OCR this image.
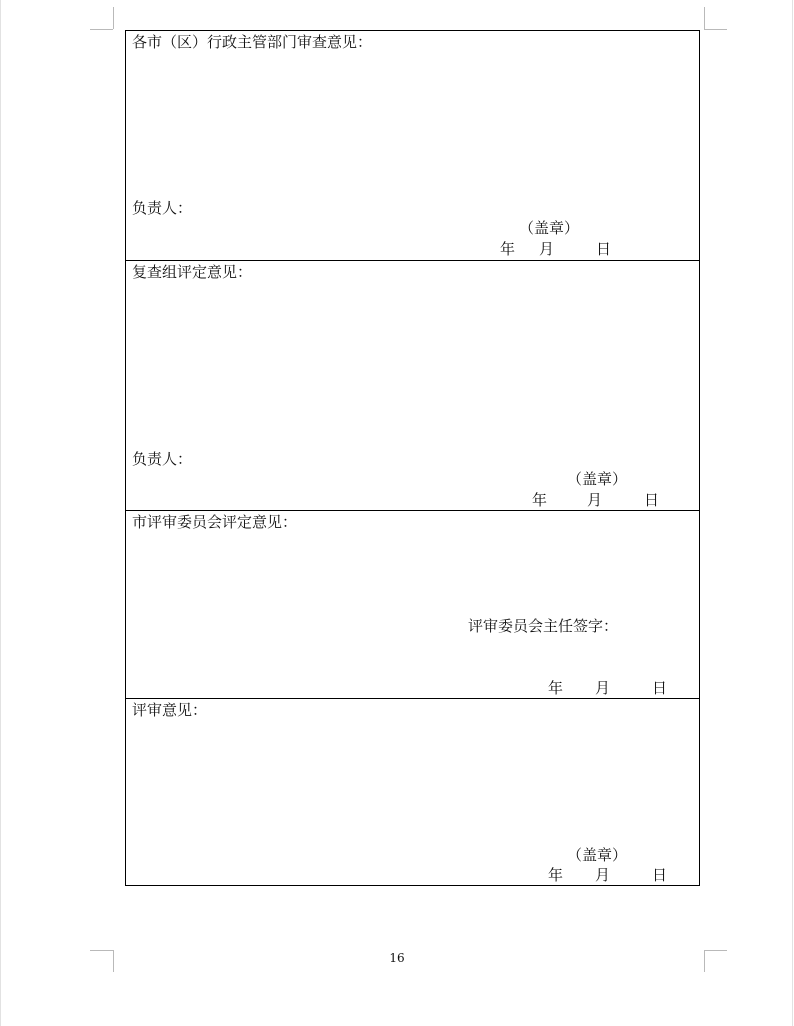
各市（区）行政主管部门审查意见：
负责人：
（盖章）
年 月	日
复查组评定意见：
负责人：
（盖章）
年	月	日
市评审委员会评定意见：
评审委员会主任签字：
年 月	日
评审意见：
（盖章）
年 月	日
16
